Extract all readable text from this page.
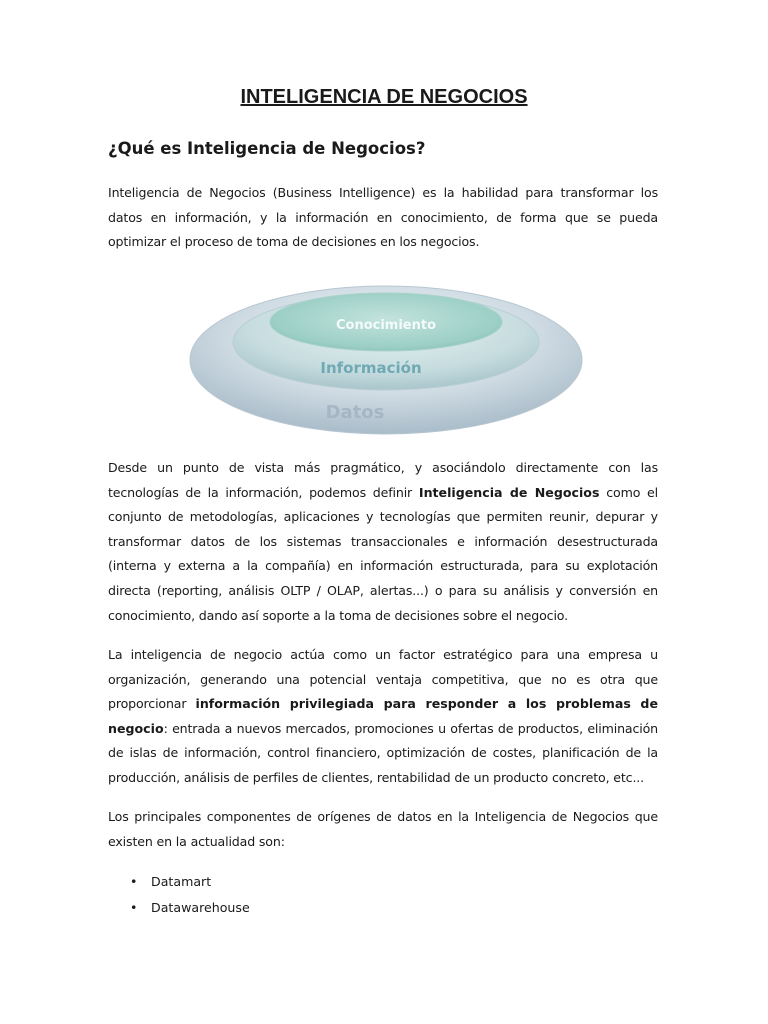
INTELIGENCIA DE NEGOCIOS
¿Qué es Inteligencia de Negocios?

Inteligencia de Negocios (Business Intelligence) es la habilidad para transformar los datos en información, y la información en conocimiento, de forma que se pueda optimizar el proceso de toma de decisiones en los negocios.

Conocimiento
Información
Datos

Desde un punto de vista más pragmático, y asociándolo directamente con las tecnologías de la información, podemos definir Inteligencia de Negocios como el conjunto de metodologías, aplicaciones y tecnologías que permiten reunir, depurar y transformar datos de los sistemas transaccionales e información desestructurada (interna y externa a la compañía) en información estructurada, para su explotación directa (reporting, análisis OLTP / OLAP, alertas...) o para su análisis y conversión en conocimiento, dando así soporte a la toma de decisiones sobre el negocio.

La inteligencia de negocio actúa como un factor estratégico para una empresa u organización, generando una potencial ventaja competitiva, que no es otra que proporcionar información privilegiada para responder a los problemas de negocio: entrada a nuevos mercados, promociones u ofertas de productos, eliminación de islas de información, control financiero, optimización de costes, planificación de la producción, análisis de perfiles de clientes, rentabilidad de un producto concreto, etc...

Los principales componentes de orígenes de datos en la Inteligencia de Negocios que existen en la actualidad son:

• Datamart
• Datawarehouse
